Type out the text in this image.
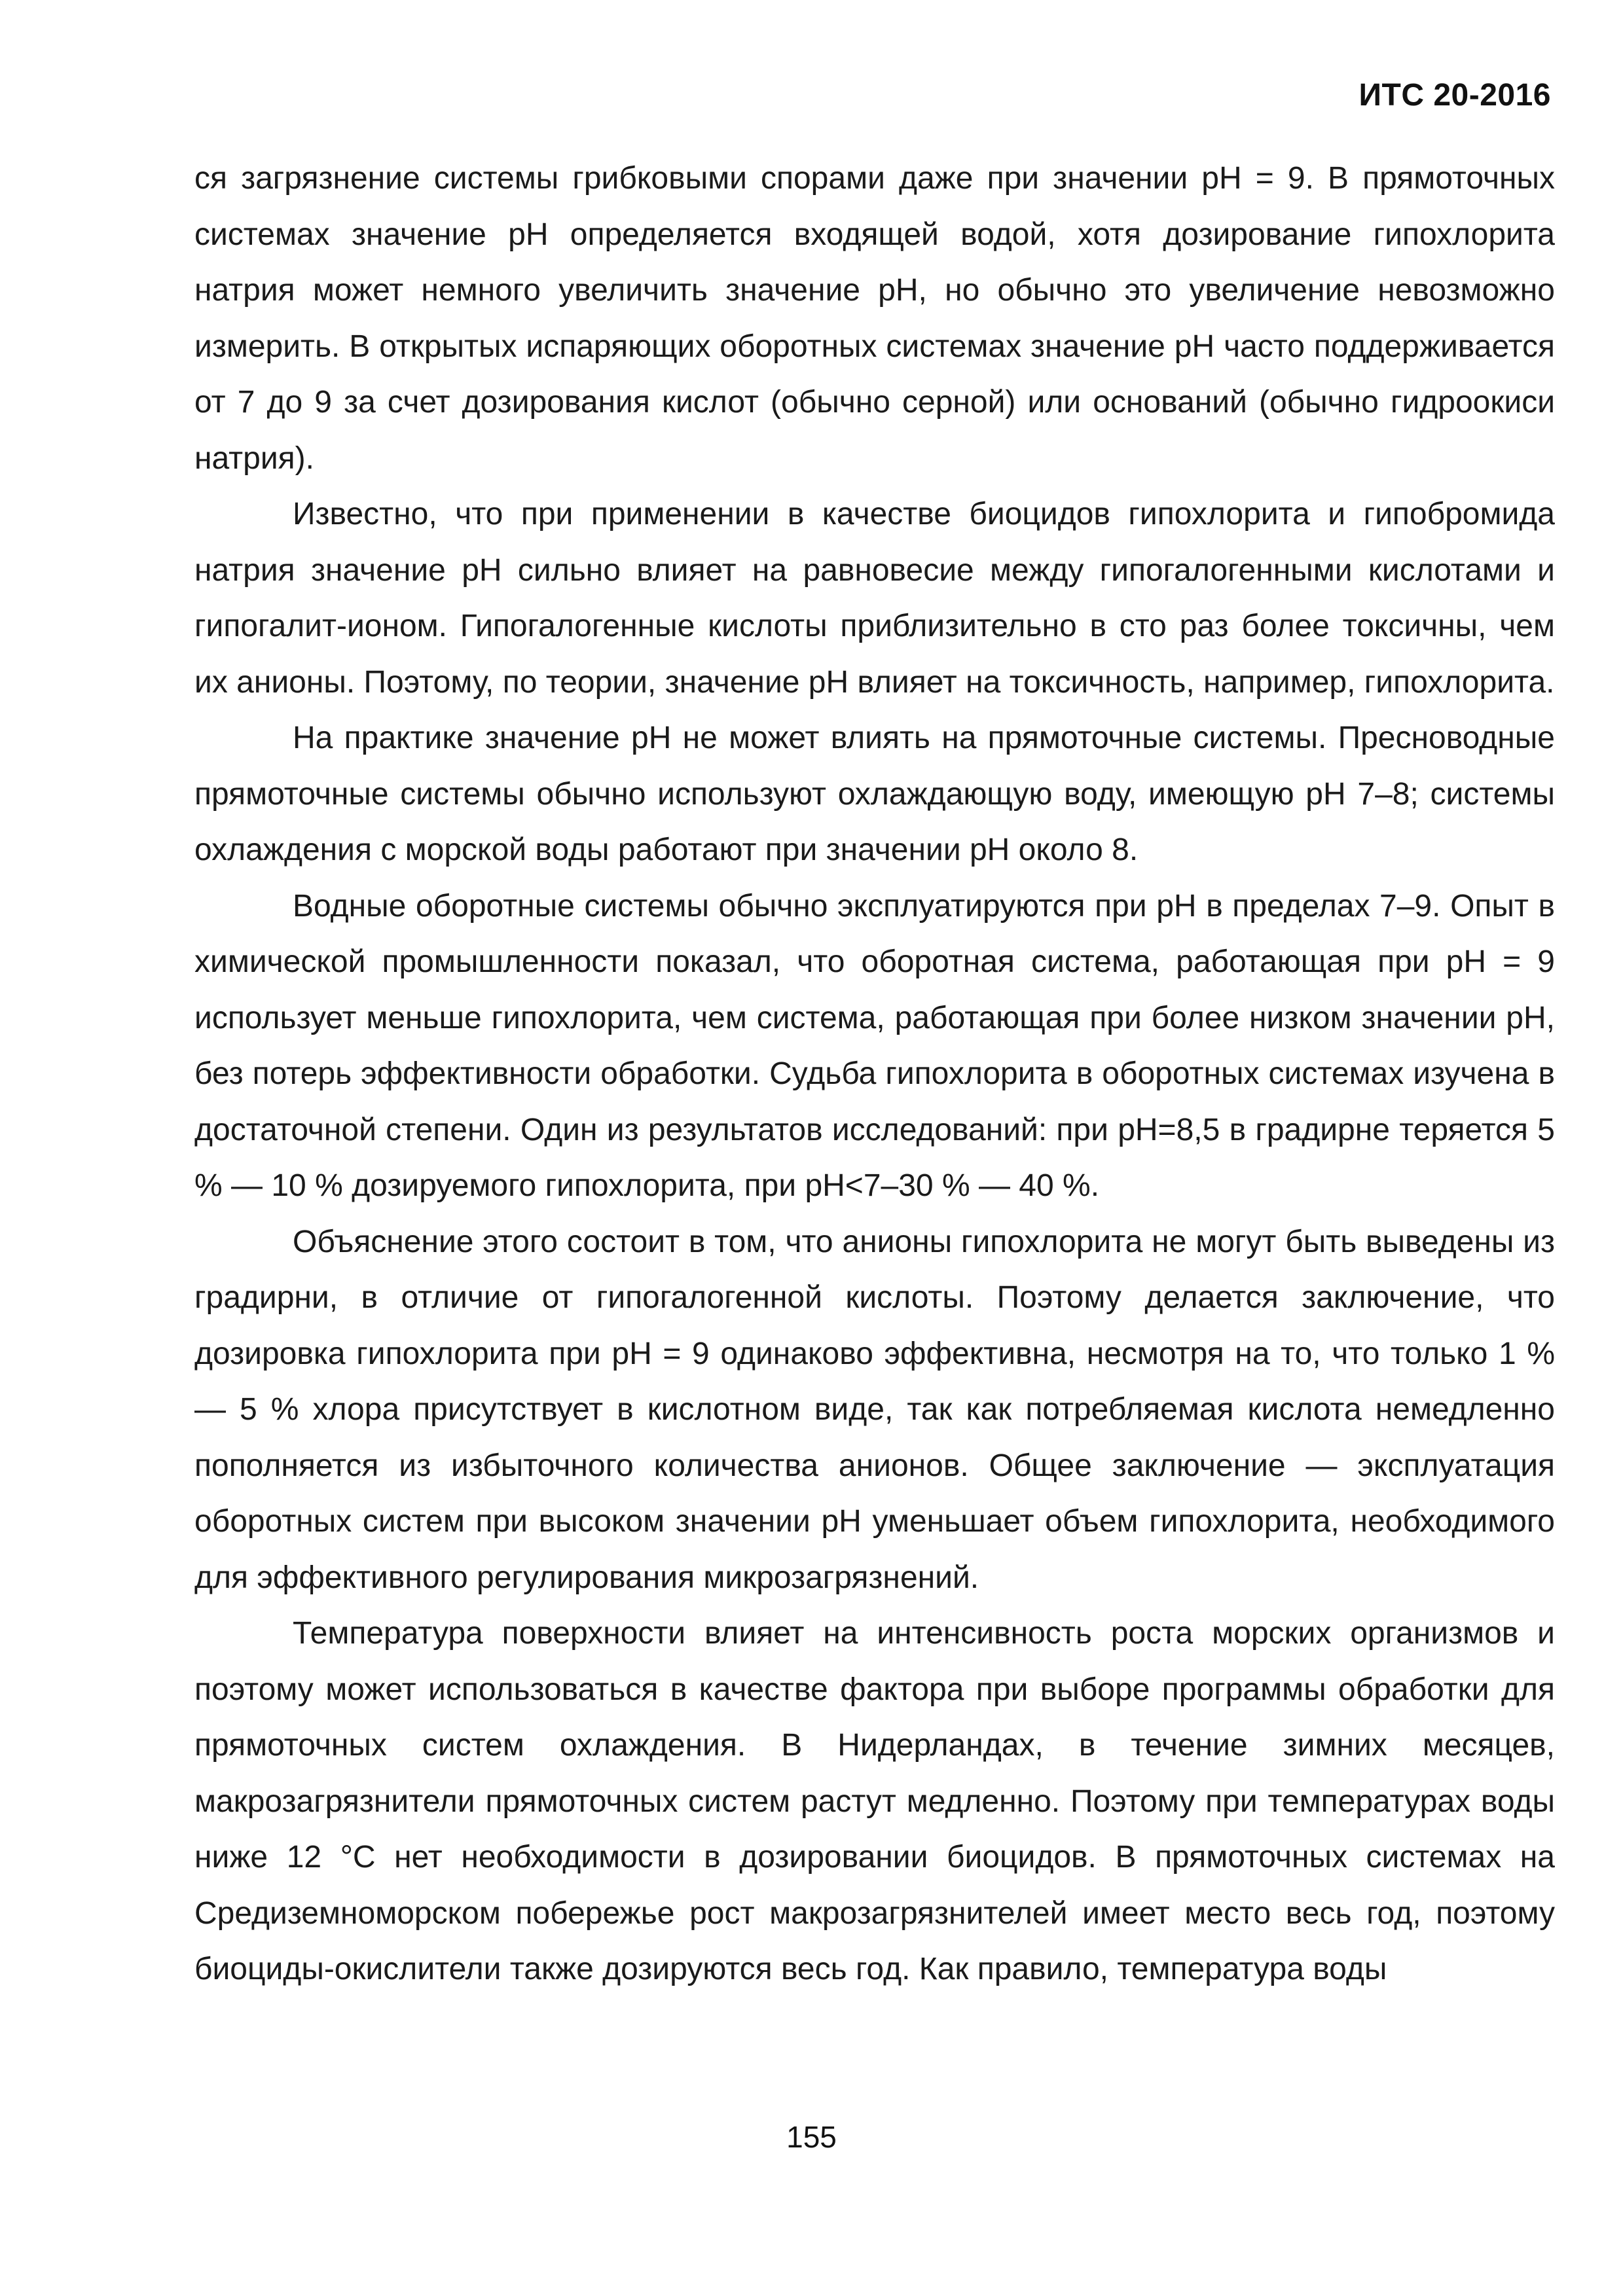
ИТС 20-2016

ся загрязнение системы грибковыми спорами даже при значении рН = 9. В прямоточных системах значение рН определяется входящей водой, хотя дозирование гипохлорита натрия может немного увеличить значение рН, но обычно это увеличение невозможно измерить. В открытых испаряющих оборотных системах значение рН часто поддерживается от 7 до 9 за счет дозирования кислот (обычно серной) или оснований (обычно гидроокиси натрия).

Известно, что при применении в качестве биоцидов гипохлорита и гипобромида натрия значение рН сильно влияет на равновесие между гипогалогенными кислотами и гипогалит-ионом. Гипогалогенные кислоты приблизительно в сто раз более токсичны, чем их анионы. Поэтому, по теории, значение рН влияет на токсичность, например, гипохлорита.

На практике значение рН не может влиять на прямоточные системы. Пресноводные прямоточные системы обычно используют охлаждающую воду, имеющую рН 7–8; системы охлаждения с морской воды работают при значении рН около 8.

Водные оборотные системы обычно эксплуатируются при рН в пределах 7–9. Опыт в химической промышленности показал, что оборотная система, работающая при рН = 9 использует меньше гипохлорита, чем система, работающая при более низком значении рН, без потерь эффективности обработки. Судьба гипохлорита в оборотных системах изучена в достаточной степени. Один из результатов исследований: при рН=8,5 в градирне теряется 5 % — 10 % дозируемого гипохлорита, при рН<7–30 % — 40 %.

Объяснение этого состоит в том, что анионы гипохлорита не могут быть выведены из градирни, в отличие от гипогалогенной кислоты. Поэтому делается заключение, что дозировка гипохлорита при рН = 9 одинаково эффективна, несмотря на то, что только 1 % — 5 % хлора присутствует в кислотном виде, так как потребляемая кислота немедленно пополняется из избыточного количества анионов. Общее заключение — эксплуатация оборотных систем при высоком значении рН уменьшает объем гипохлорита, необходимого для эффективного регулирования микрозагрязнений.

Температура поверхности влияет на интенсивность роста морских организмов и поэтому может использоваться в качестве фактора при выборе программы обработки для прямоточных систем охлаждения. В Нидерландах, в течение зимних месяцев, макрозагрязнители прямоточных систем растут медленно. Поэтому при температурах воды ниже 12 °С нет необходимости в дозировании биоцидов. В прямоточных системах на Средиземноморском побережье рост макрозагрязнителей имеет место весь год, поэтому биоциды-окислители также дозируются весь год. Как правило, температура воды

155
